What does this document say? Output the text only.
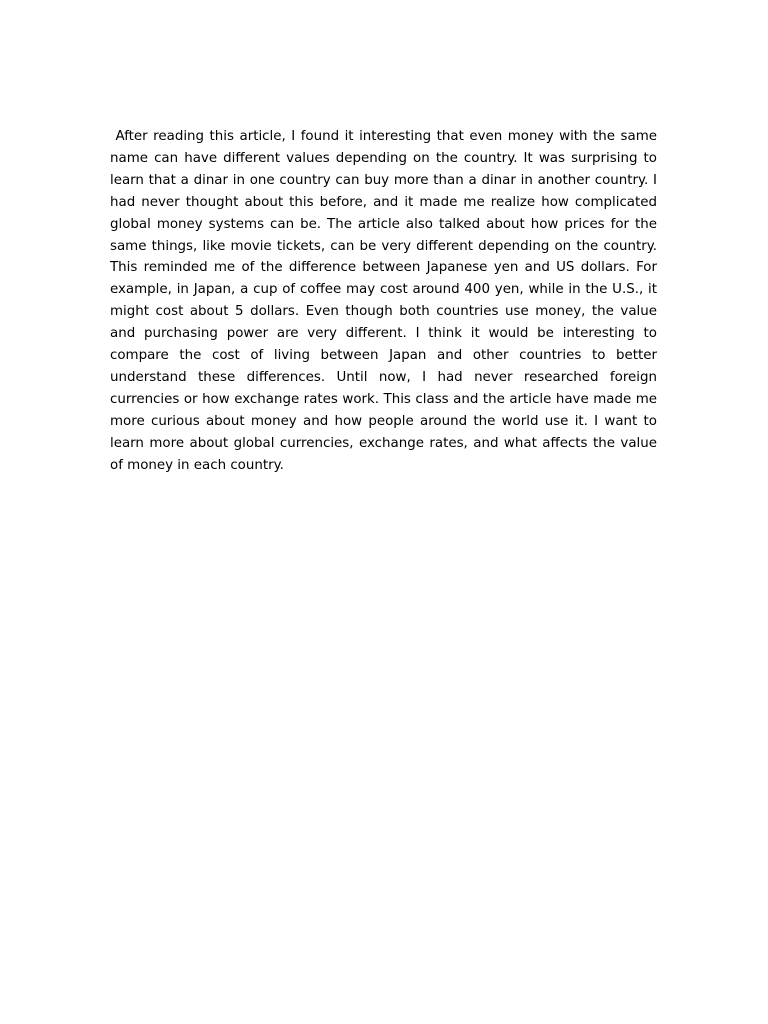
After reading this article, I found it interesting that even money with the same name can have different values depending on the country. It was surprising to learn that a dinar in one country can buy more than a dinar in another country. I had never thought about this before, and it made me realize how complicated global money systems can be. The article also talked about how prices for the same things, like movie tickets, can be very different depending on the country. This reminded me of the difference between Japanese yen and US dollars. For example, in Japan, a cup of coffee may cost around 400 yen, while in the U.S., it might cost about 5 dollars. Even though both countries use money, the value and purchasing power are very different. I think it would be interesting to compare the cost of living between Japan and other countries to better understand these differences. Until now, I had never researched foreign currencies or how exchange rates work. This class and the article have made me more curious about money and how people around the world use it. I want to learn more about global currencies, exchange rates, and what affects the value of money in each country.
